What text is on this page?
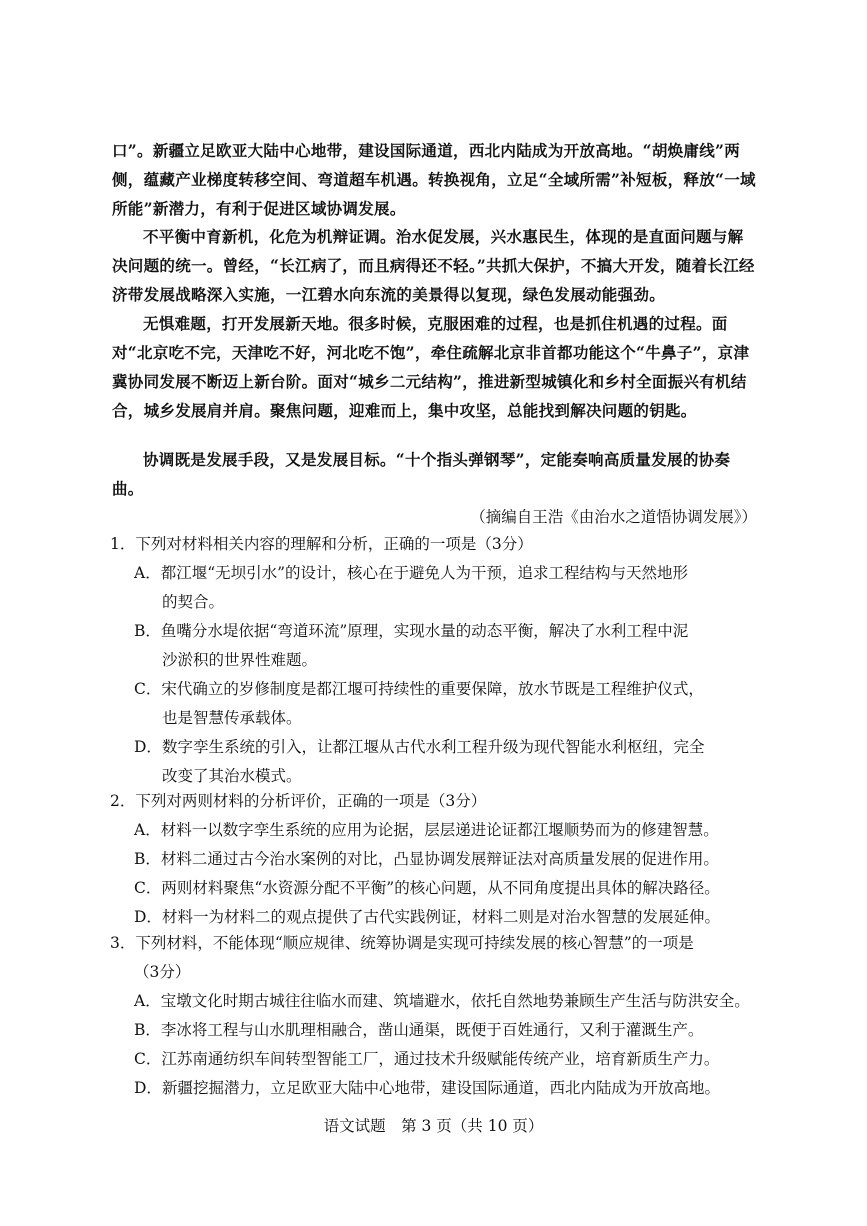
口”。新疆立足欧亚大陆中心地带，建设国际通道，西北内陆成为开放高地。“胡焕庸线”两侧，蕴藏产业梯度转移空间、弯道超车机遇。转换视角，立足“全域所需”补短板，释放“一域所能”新潜力，有利于促进区域协调发展。

不平衡中育新机，化危为机辩证调。治水促发展，兴水惠民生，体现的是直面问题与解决问题的统一。曾经，“长江病了，而且病得还不轻。”共抓大保护，不搞大开发，随着长江经济带发展战略深入实施，一江碧水向东流的美景得以复现，绿色发展动能强劲。

无惧难题，打开发展新天地。很多时候，克服困难的过程，也是抓住机遇的过程。面对“北京吃不完，天津吃不好，河北吃不饱”，牵住疏解北京非首都功能这个“牛鼻子”，京津冀协同发展不断迈上新台阶。面对“城乡二元结构”，推进新型城镇化和乡村全面振兴有机结合，城乡发展肩并肩。聚焦问题，迎难而上，集中攻坚，总能找到解决问题的钥匙。

协调既是发展手段，又是发展目标。“十个指头弹钢琴”，定能奏响高质量发展的协奏曲。

（摘编自王浩《由治水之道悟协调发展》）

1．下列对材料相关内容的理解和分析，正确的一项是（3分）
A．都江堰“无坝引水”的设计，核心在于避免人为干预，追求工程结构与天然地形
的契合。
B．鱼嘴分水堤依据“弯道环流”原理，实现水量的动态平衡，解决了水利工程中泥
沙淤积的世界性难题。
C．宋代确立的岁修制度是都江堰可持续性的重要保障，放水节既是工程维护仪式，
也是智慧传承载体。
D．数字孪生系统的引入，让都江堰从古代水利工程升级为现代智能水利枢纽，完全
改变了其治水模式。
2．下列对两则材料的分析评价，正确的一项是（3分）
A．材料一以数字孪生系统的应用为论据，层层递进论证都江堰顺势而为的修建智慧。
B．材料二通过古今治水案例的对比，凸显协调发展辩证法对高质量发展的促进作用。
C．两则材料聚焦“水资源分配不平衡”的核心问题，从不同角度提出具体的解决路径。
D．材料一为材料二的观点提供了古代实践例证，材料二则是对治水智慧的发展延伸。
3．下列材料，不能体现“顺应规律、统筹协调是实现可持续发展的核心智慧”的一项是
（3分）
A．宝墩文化时期古城往往临水而建、筑墙避水，依托自然地势兼顾生产生活与防洪安全。
B．李冰将工程与山水肌理相融合，凿山通渠，既便于百姓通行，又利于灌溉生产。
C．江苏南通纺织车间转型智能工厂，通过技术升级赋能传统产业，培育新质生产力。
D．新疆挖掘潜力，立足欧亚大陆中心地带，建设国际通道，西北内陆成为开放高地。
语文试题　第 3 页（共 10 页）
